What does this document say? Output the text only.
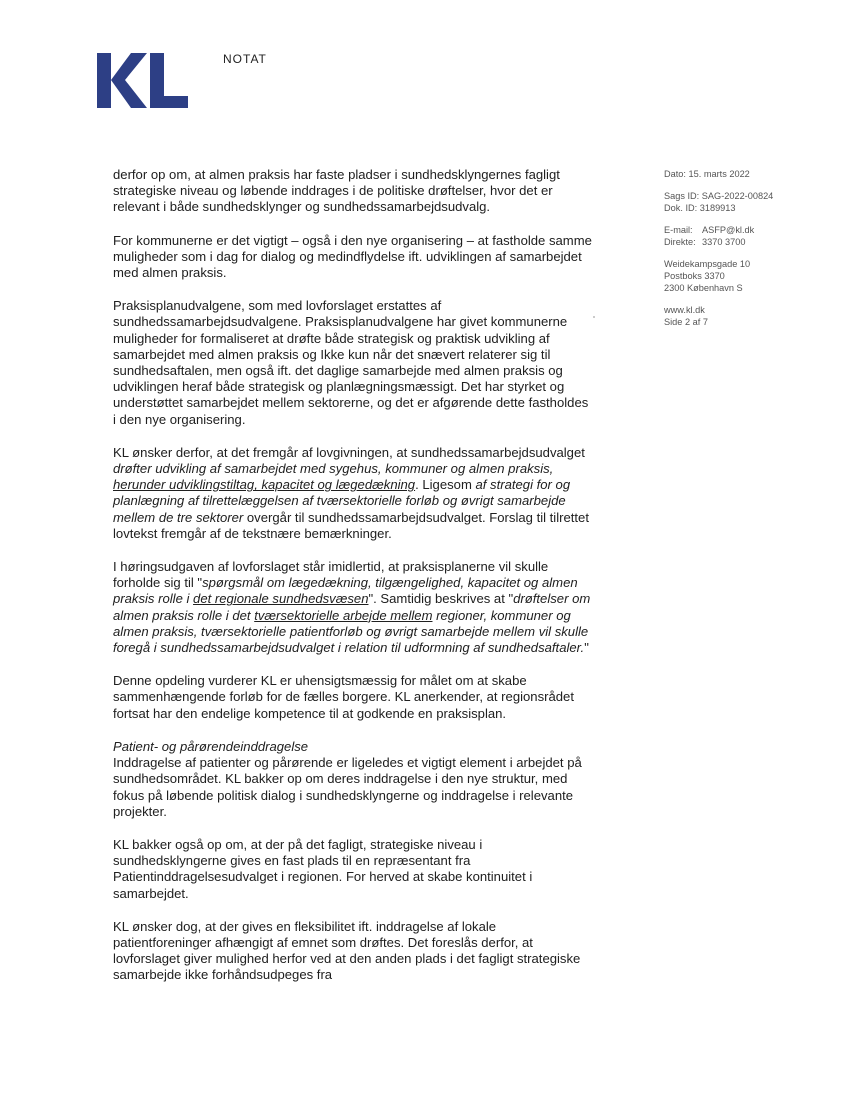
NOTAT
Dato: 15. marts 2022
Sags ID: SAG-2022-00824
Dok. ID: 3189913
E-mail:	ASFP@kl.dk
Direkte: 3370 3700
Weidekampsgade 10
Postboks 3370
2300 København S
www.kl.dk
Side 2 af 7

derfor op om, at almen praksis har faste pladser i sundhedsklyngernes fagligt strategiske niveau og løbende inddrages i de politiske drøftelser, hvor det er relevant i både sundhedsklynger og sundhedssamarbejdsudvalg.

For kommunerne er det vigtigt – også i den nye organisering – at fastholde samme muligheder som i dag for dialog og medindflydelse ift. udviklingen af samarbejdet med almen praksis.

Praksisplanudvalgene, som med lovforslaget erstattes af sundhedssamarbejdsudvalgene. Praksisplanudvalgene har givet kommunerne muligheder for formaliseret at drøfte både strategisk og praktisk udvikling af samarbejdet med almen praksis og Ikke kun når det snævert relaterer sig til sundhedsaftalen, men også ift. det daglige samarbejde med almen praksis og udviklingen heraf både strategisk og planlægningsmæssigt. Det har styrket og understøttet samarbejdet mellem sektorerne, og det er afgørende dette fastholdes i den nye organisering.

KL ønsker derfor, at det fremgår af lovgivningen, at sundhedssamarbejdsudvalget drøfter udvikling af samarbejdet med sygehus, kommuner og almen praksis, herunder udviklingstiltag, kapacitet og lægedækning. Ligesom af strategi for og planlægning af tilrettelæggelsen af tværsektorielle forløb og øvrigt samarbejde mellem de tre sektorer overgår til sundhedssamarbejdsudvalget. Forslag til tilrettet lovtekst fremgår af de tekstnære bemærkninger.

I høringsudgaven af lovforslaget står imidlertid, at praksisplanerne vil skulle forholde sig til "spørgsmål om lægedækning, tilgængelighed, kapacitet og almen praksis rolle i det regionale sundhedsvæsen". Samtidig beskrives at "drøftelser om almen praksis rolle i det tværsektorielle arbejde mellem regioner, kommuner og almen praksis, tværsektorielle patientforløb og øvrigt samarbejde mellem vil skulle foregå i sundhedssamarbejdsudvalget i relation til udformning af sundhedsaftaler."

Denne opdeling vurderer KL er uhensigtsmæssig for målet om at skabe sammenhængende forløb for de fælles borgere. KL anerkender, at regionsrådet fortsat har den endelige kompetence til at godkende en praksisplan.

Patient- og pårørendeinddragelse

Inddragelse af patienter og pårørende er ligeledes et vigtigt element i arbejdet på sundhedsområdet. KL bakker op om deres inddragelse i den nye struktur, med fokus på løbende politisk dialog i sundhedsklyngerne og inddragelse i relevante projekter.

KL bakker også op om, at der på det fagligt, strategiske niveau i sundhedsklyngerne gives en fast plads til en repræsentant fra Patientinddragelsesudvalget i regionen. For herved at skabe kontinuitet i samarbejdet.

KL ønsker dog, at der gives en fleksibilitet ift. inddragelse af lokale patientforeninger afhængigt af emnet som drøftes. Det foreslås derfor, at lovforslaget giver mulighed herfor ved at den anden plads i det fagligt strategiske samarbejde ikke forhåndsudpeges fra
